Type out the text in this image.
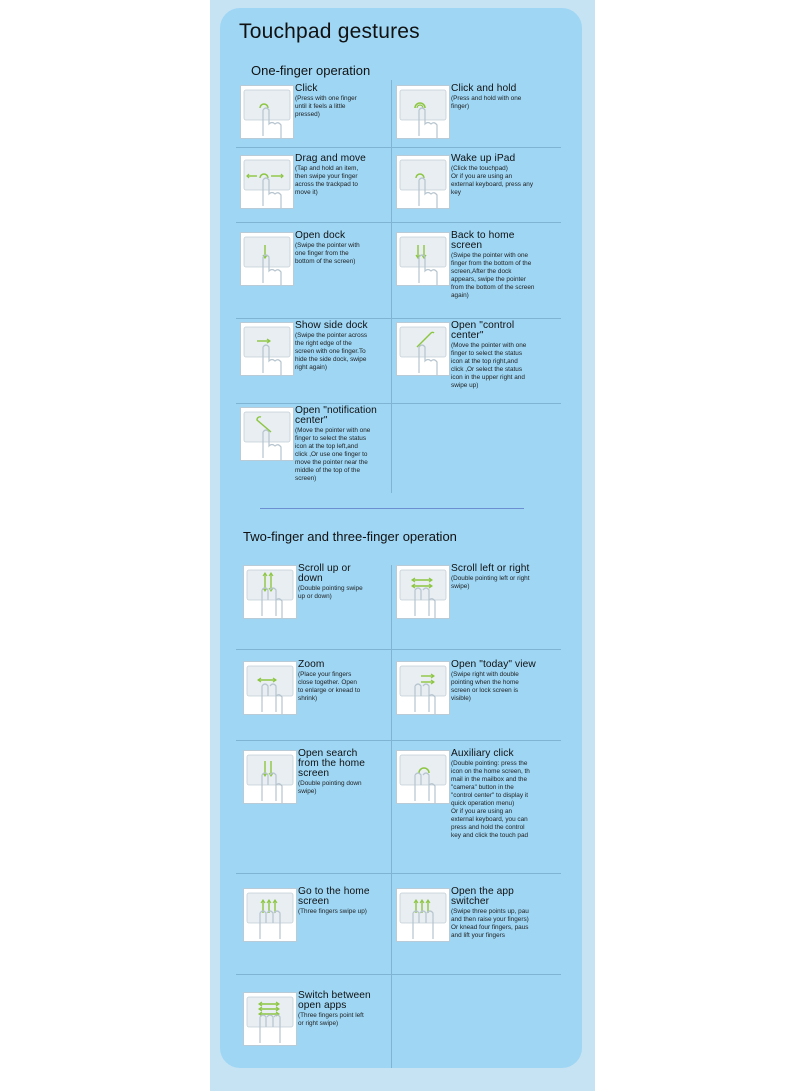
Touchpad gestures
One-finger operation
Two-finger and three-finger operation
Click
(Press with one finger
until it feels a little
pressed)
Click and hold
(Press and hold with one
finger)
Drag and move
(Tap and hold an item,
then swipe your finger
across the trackpad to
move it)
Wake up iPad
(Click the touchpad)
Or if you are using an
external keyboard, press any
key
Open dock
(Swipe the pointer with
one finger from the
bottom of the screen)
Back to home
screen
(Swipe the pointer with one
finger from the bottom of the
screen,After the dock
appears, swipe the pointer
from the bottom of the screen
again)
Show side dock
(Swipe the pointer across
the right edge of the
screen with one finger.To
hide the side dock, swipe
right again)
Open "control
center"
(Move the pointer with one
finger to select the status
icon at the top right,and
click ,Or select the status
icon in the upper right and
swipe up)
Open "notification
center"
(Move the pointer with one
finger to select the status
icon at the top left,and
click ,Or use one finger to
move the pointer near the
middle of the top of the
screen)
Scroll up or
down
(Double pointing swipe
up or down)
Scroll left or right
(Double pointing left or right
swipe)
Zoom
(Place your fingers
close together. Open
to enlarge or knead to
shrink)
Open "today" view
(Swipe right with double
pointing when the home
screen or lock screen is
visible)
Open search
from the home
screen
(Double pointing down
swipe)
Auxiliary click
(Double pointing: press the
icon on the home screen, th
mail in the mailbox and the
"camera" button in the
"control center" to display it
quick operation menu)
Or if you are using an
external keyboard, you can
press and hold the control
key and click the touch pad
Go to the home
screen
(Three fingers swipe up)
Open the app
switcher
(Swipe three points up, pau
and then raise your fingers)
Or knead four fingers, paus
and lift your fingers
Switch between
open apps
(Three fingers point left
or right swipe)
